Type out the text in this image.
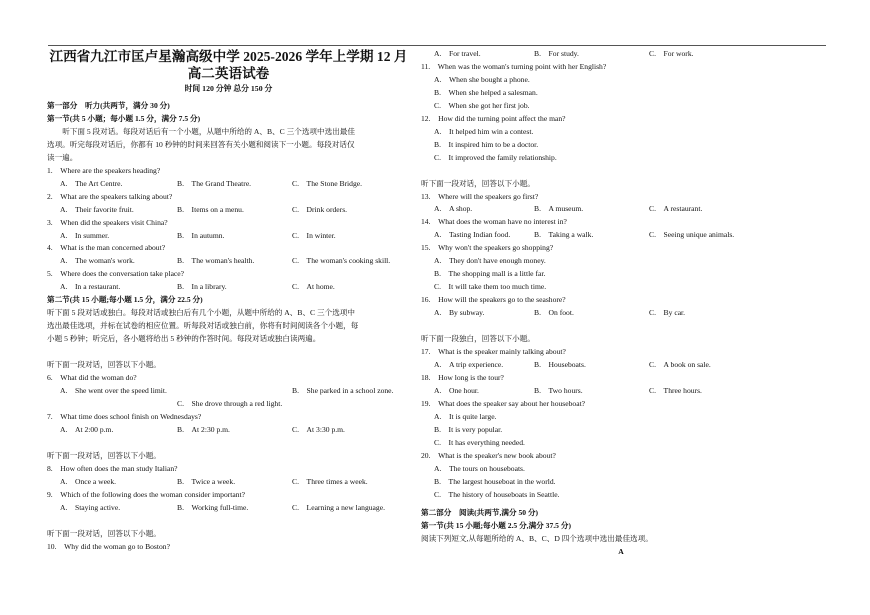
江西省九江市匡卢星瀚高级中学 2025-2026 学年上学期 12 月
高二英语试卷
时间 120 分钟 总分 150 分
第一部分　听力(共两节，满分 30 分)
第一节(共 5 小题；每小题 1.5 分，满分 7.5 分)
听下面 5 段对话。每段对话后有一个小题，从题中所给的 A、B、C 三个选项中选出最佳
选项。听完每段对话后，你都有 10 秒钟的时间来回答有关小题和阅读下一小题。每段对话仅
读一遍。
1.　Where are the speakers heading?
A.　The Art Centre.	B.　The Grand Theatre.	C.　The Stone Bridge.
2.　What are the speakers talking about?
A.　Their favorite fruit.	B.　Items on a menu.	C.　Drink orders.
3.　When did the speakers visit China?
A.　In summer.	B.　In autumn.	C.　In winter.
4.　What is the man concerned about?
A.　The woman's work.	B.　The woman's health.	C.　The woman's cooking skill.
5.　Where does the conversation take place?
A.　In a restaurant.	B.　In a library.	C.　At home.
第二节(共 15 小题;每小题 1.5 分，满分 22.5 分)
听下面 5 段对话或独白。每段对话或独白后有几个小题，从题中所给的 A、B、C 三个选项中
选出最佳选项，并标在试卷的相应位置。听每段对话或独白前，你将有时间阅读各个小题，每
小题 5 秒钟；听完后，各小题将给出 5 秒钟的作答时间。每段对话或独白读两遍。
听下面一段对话，回答以下小题。
6.　What did the woman do?
A.　She went over the speed limit.	B.　She parked in a school zone.
C.　She drove through a red light.
7.　What time does school finish on Wednesdays?
A.　At 2:00 p.m.	B.　At 2:30 p.m.	C.　At 3:30 p.m.
听下面一段对话，回答以下小题。
8.　How often does the man study Italian?
A.　Once a week.	B.　Twice a week.	C.　Three times a week.
9.　Which of the following does the woman consider important?
A.　Staying active.	B.　Working full-time.	C.　Learning a new language.
听下面一段对话，回答以下小题。
10.　Why did the woman go to Boston?
A.　For travel.	B.　For study.	C.　For work.
11.　When was the woman's turning point with her English?
A.　When she bought a phone.
B.　When she helped a salesman.
C.　When she got her first job.
12.　How did the turning point affect the man?
A.　It helped him win a contest.
B.　It inspired him to be a doctor.
C.　It improved the family relationship.
听下面一段对话，回答以下小题。
13.　Where will the speakers go first?
A.　A shop.	B.　A museum.	C.　A restaurant.
14.　What does the woman have no interest in?
A.　Tasting Indian food.	B.　Taking a walk.	C.　Seeing unique animals.
15.　Why won't the speakers go shopping?
A.　They don't have enough money.
B.　The shopping mall is a little far.
C.　It will take them too much time.
16.　How will the speakers go to the seashore?
A.　By subway.	B.　On foot.	C.　By car.
听下面一段独白，回答以下小题。
17.　What is the speaker mainly talking about?
A.　A trip experience.	B.　Houseboats.	C.　A book on sale.
18.　How long is the tour?
A.　One hour.	B.　Two hours.	C.　Three hours.
19.　What does the speaker say about her houseboat?
A.　It is quite large.
B.　It is very popular.
C.　It has everything needed.
20.　What is the speaker's new book about?
A.　The tours on houseboats.
B.　The largest houseboat in the world.
C.　The history of houseboats in Seattle.
第二部分　阅读(共两节,满分 50 分)
第一节(共 15 小题;每小题 2.5 分,满分 37.5 分)
阅读下列短文,从每题所给的 A、B、C、D 四个选项中选出最佳选项。
A
